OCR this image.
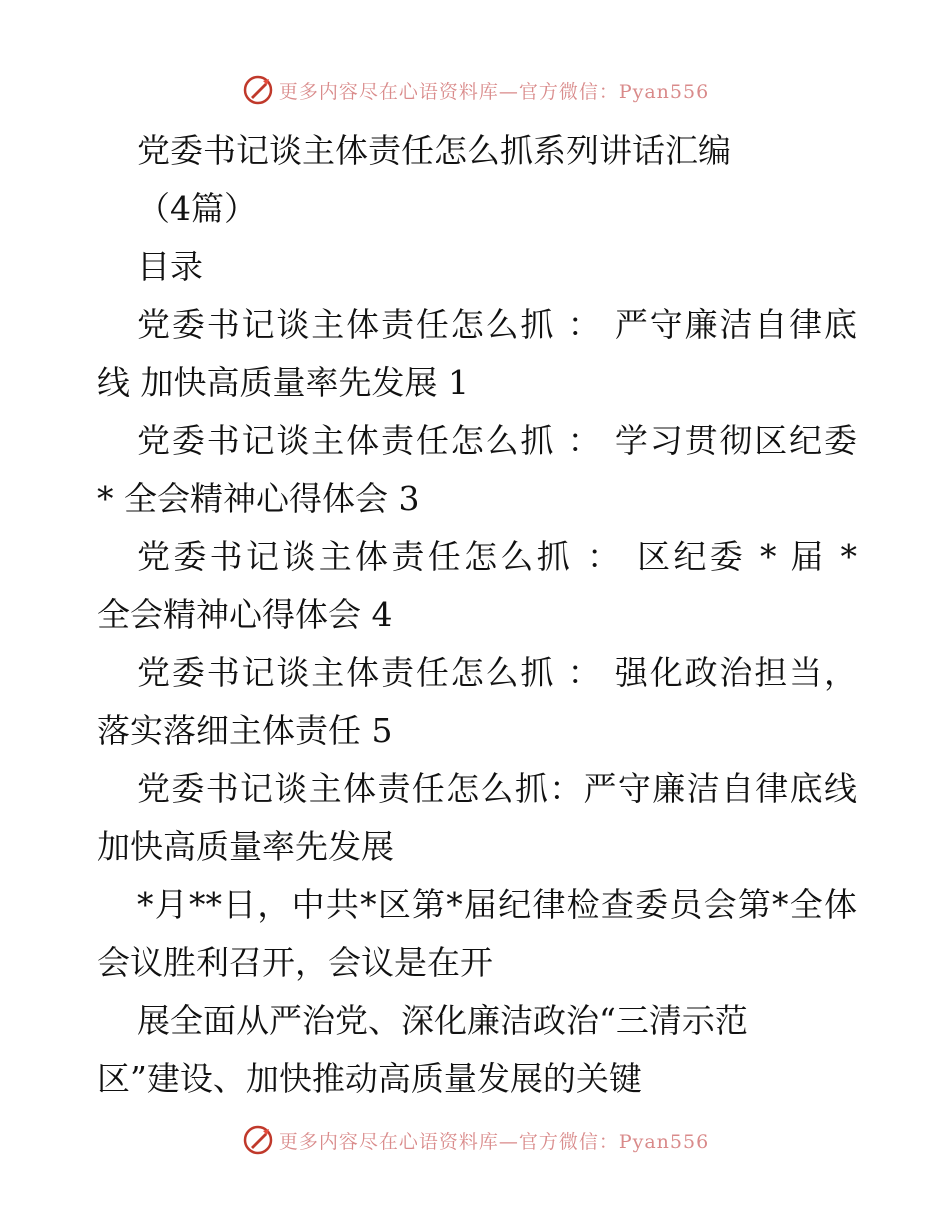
更多内容尽在心语资料库—官方微信：Pyan556
党委书记谈主体责任怎么抓系列讲话汇编
（4篇）
目录
党委书记谈主体责任怎么抓 ： 严守廉洁自律底
线 加快高质量率先发展 1
党委书记谈主体责任怎么抓 ： 学习贯彻区纪委
* 全会精神心得体会 3
党委书记谈主体责任怎么抓 ： 区纪委 * 届 *
全会精神心得体会 4
党委书记谈主体责任怎么抓 ： 强化政治担当，
落实落细主体责任 5
党委书记谈主体责任怎么抓：严守廉洁自律底线
加快高质量率先发展
*月**日，中共*区第*届纪律检查委员会第*全体
会议胜利召开，会议是在开
展全面从严治党、深化廉洁政治“三清示范
区”建设、加快推动高质量发展的关键
更多内容尽在心语资料库—官方微信：Pyan556
